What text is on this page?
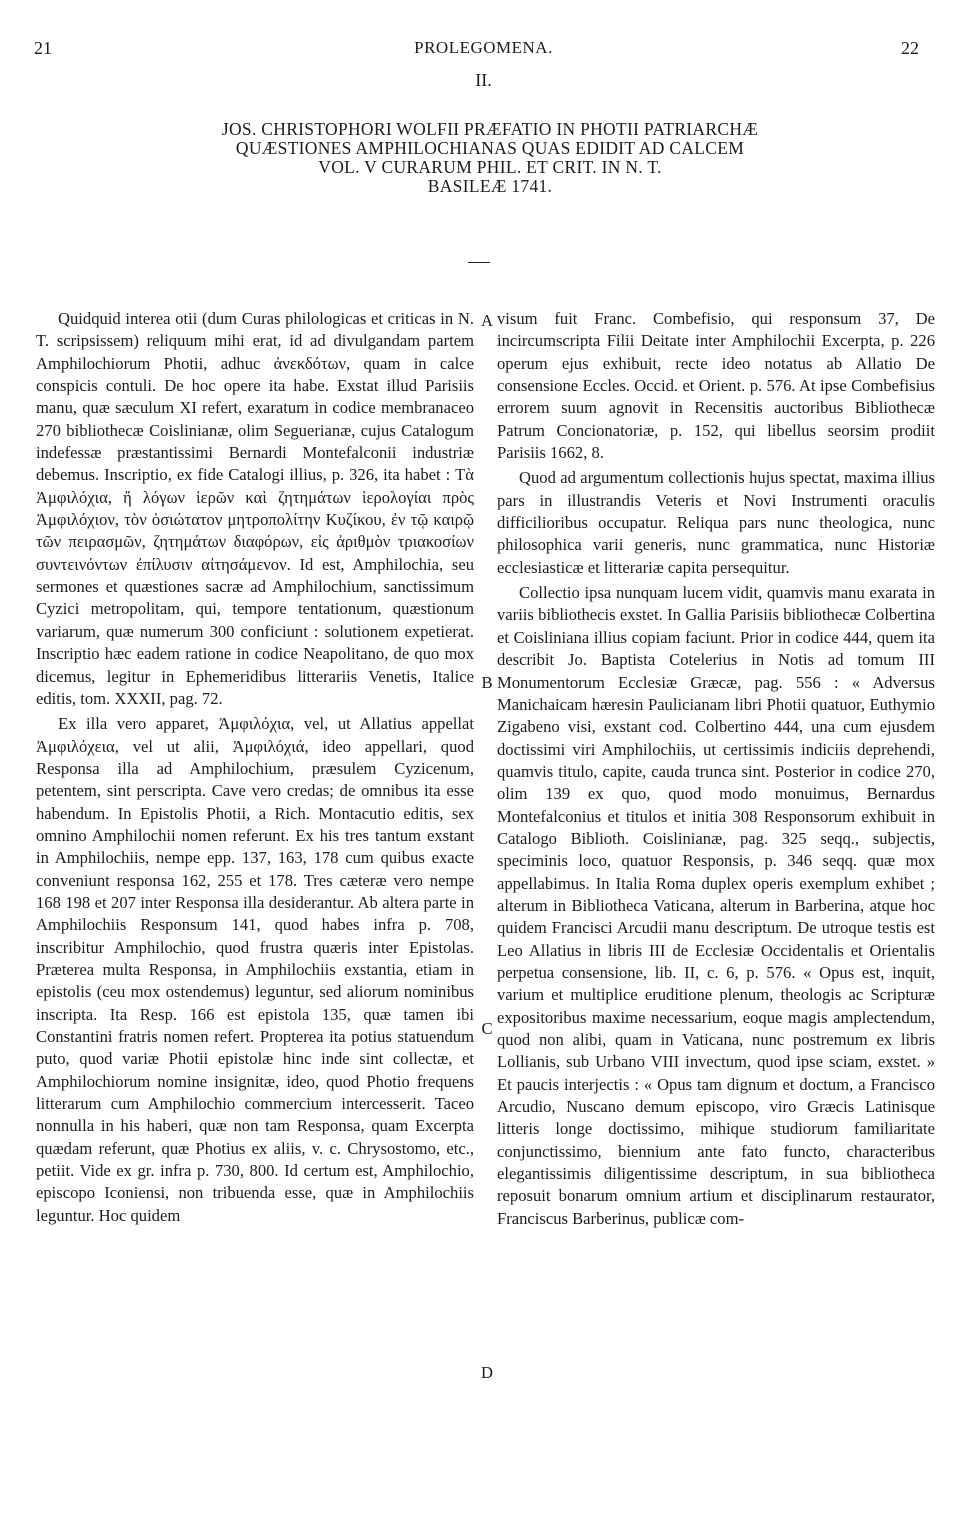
21	PROLEGOMENA.	22
II.
JOS. CHRISTOPHORI WOLFII PRÆFATIO IN PHOTII PATRIARCHÆ
QUÆSTIONES AMPHILOCHIANAS QUAS EDIDIT AD CALCEM
VOL. V CURARUM PHIL. ET CRIT. IN N. T.
BASILEÆ 1741.

Quidquid interea otii (dum Curas philologicas et criticas in N. T. scripsissem) reliquum mihi erat, id ad divulgandam partem Amphilochiorum Photii, adhuc ἀνεκδότων, quam in calce conspicis contuli. De hoc opere ita habe. Exstat illud Parisiis manu, quæ sæculum XI refert, exaratum in codice membranaceo 270 bibliothecæ Coislinianæ, olim Seguerianæ, cujus Catalogum indefessæ præstantissimi Bernardi Montefalconii industriæ debemus. Inscriptio, ex fide Catalogi illius, p. 326, ita habet : Τὰ Ἀμφιλόχια, ἤ λόγων ἱερῶν καὶ ζητημάτων ἱερολογίαι πρὸς Ἀμφιλόχιον, τὸν ὁσιώτατον μητροπολίτην Κυζίκου, ἐν τῷ καιρῷ τῶν πειρασμῶν, ζητημάτων διαφόρων, εἰς ἀριθμὸν τριακοσίων συντεινόντων ἐπίλυσιν αἰτησάμενον. Id est, Amphilochia, seu sermones et quæstiones sacræ ad Amphilochium, sanctissimum Cyzici metropolitam, qui, tempore tentationum, quæstionum variarum, quæ numerum 300 conficiunt : solutionem expetierat. Inscriptio hæc eadem ratione in codice Neapolitano, de quo mox dicemus, legitur in Ephemeridibus litterariis Venetis, Italice editis, tom. XXXII, pag. 72.

Ex illa vero apparet, Ἀμφιλόχια, vel, ut Allatius appellat Ἀμφιλόχεια, vel ut alii, Ἀμφιλόχιά, ideo appellari, quod Responsa illa ad Amphilochium, præsulem Cyzicenum, petentem, sint perscripta. Cave vero credas; de omnibus ita esse habendum. In Epistolis Photii, a Rich. Montacutio editis, sex omnino Amphilochii nomen referunt. Ex his tres tantum exstant in Amphilochiis, nempe epp. 137, 163, 178 cum quibus exacte conveniunt responsa 162, 255 et 178. Tres cæteræ vero nempe 168 198 et 207 inter Responsa illa desiderantur. Ab altera parte in Amphilochiis Responsum 141, quod habes infra p. 708, inscribitur Amphilochio, quod frustra quæris inter Epistolas. Præterea multa Responsa, in Amphilochiis exstantia, etiam in epistolis (ceu mox ostendemus) leguntur, sed aliorum nominibus inscripta. Ita Resp. 166 est epistola 135, quæ tamen ibi Constantini fratris nomen refert. Propterea ita potius statuendum puto, quod variæ Photii epistolæ hinc inde sint collectæ, et Amphilochiorum nomine insignitæ, ideo, quod Photio frequens litterarum cum Amphilochio commercium intercesserit. Taceo nonnulla in his haberi, quæ non tam Responsa, quam Excerpta quædam referunt, quæ Photius ex aliis, v. c. Chrysostomo, etc., petiit. Vide ex gr. infra p. 730, 800. Id certum est, Amphilochio, episcopo Iconiensi, non tribuenda esse, quæ in Amphilochiis leguntur. Hoc quidem

A
B
C
D

visum fuit Franc. Combefisio, qui responsum 37, De incircumscripta Filii Deitate inter Amphilochii Excerpta, p. 226 operum ejus exhibuit, recte ideo notatus ab Allatio De consensione Eccles. Occid. et Orient. p. 576. At ipse Combefisius errorem suum agnovit in Recensitis auctoribus Bibliothecæ Patrum Concionatoriæ, p. 152, qui libellus seorsim prodiit Parisiis 1662, 8.

Quod ad argumentum collectionis hujus spectat, maxima illius pars in illustrandis Veteris et Novi Instrumenti oraculis difficilioribus occupatur. Reliqua pars nunc theologica, nunc philosophica varii generis, nunc grammatica, nunc Historiæ ecclesiasticæ et litterariæ capita persequitur.

Collectio ipsa nunquam lucem vidit, quamvis manu exarata in variis bibliothecis exstet. In Gallia Parisiis bibliothecæ Colbertina et Coisliniana illius copiam faciunt. Prior in codice 444, quem ita describit Jo. Baptista Cotelerius in Notis ad tomum III Monumentorum Ecclesiæ Græcæ, pag. 556 : « Adversus Manichaicam hæresin Paulicianam libri Photii quatuor, Euthymio Zigabeno visi, exstant cod. Colbertino 444, una cum ejusdem doctissimi viri Amphilochiis, ut certissimis indiciis deprehendi, quamvis titulo, capite, cauda trunca sint. Posterior in codice 270, olim 139 ex quo, quod modo monuimus, Bernardus Montefalconius et titulos et initia 308 Responsorum exhibuit in Catalogo Biblioth. Coislinianæ, pag. 325 seqq., subjectis, speciminis loco, quatuor Responsis, p. 346 seqq. quæ mox appellabimus. In Italia Roma duplex operis exemplum exhibet ; alterum in Bibliotheca Vaticana, alterum in Barberina, atque hoc quidem Francisci Arcudii manu descriptum. De utroque testis est Leo Allatius in libris III de Ecclesiæ Occidentalis et Orientalis perpetua consensione, lib. II, c. 6, p. 576. « Opus est, inquit, varium et multiplice eruditione plenum, theologis ac Scripturæ expositoribus maxime necessarium, eoque magis amplectendum, quod non alibi, quam in Vaticana, nunc postremum ex libris Lollianis, sub Urbano VIII invectum, quod ipse sciam, exstet. » Et paucis interjectis : « Opus tam dignum et doctum, a Francisco Arcudio, Nuscano demum episcopo, viro Græcis Latinisque litteris longe doctissimo, mihique studiorum familiaritate conjunctissimo, biennium ante fato functo, characteribus elegantissimis diligentissime descriptum, in sua bibliotheca reposuit bonarum omnium artium et disciplinarum restaurator, Franciscus Barberinus, publicæ com-
